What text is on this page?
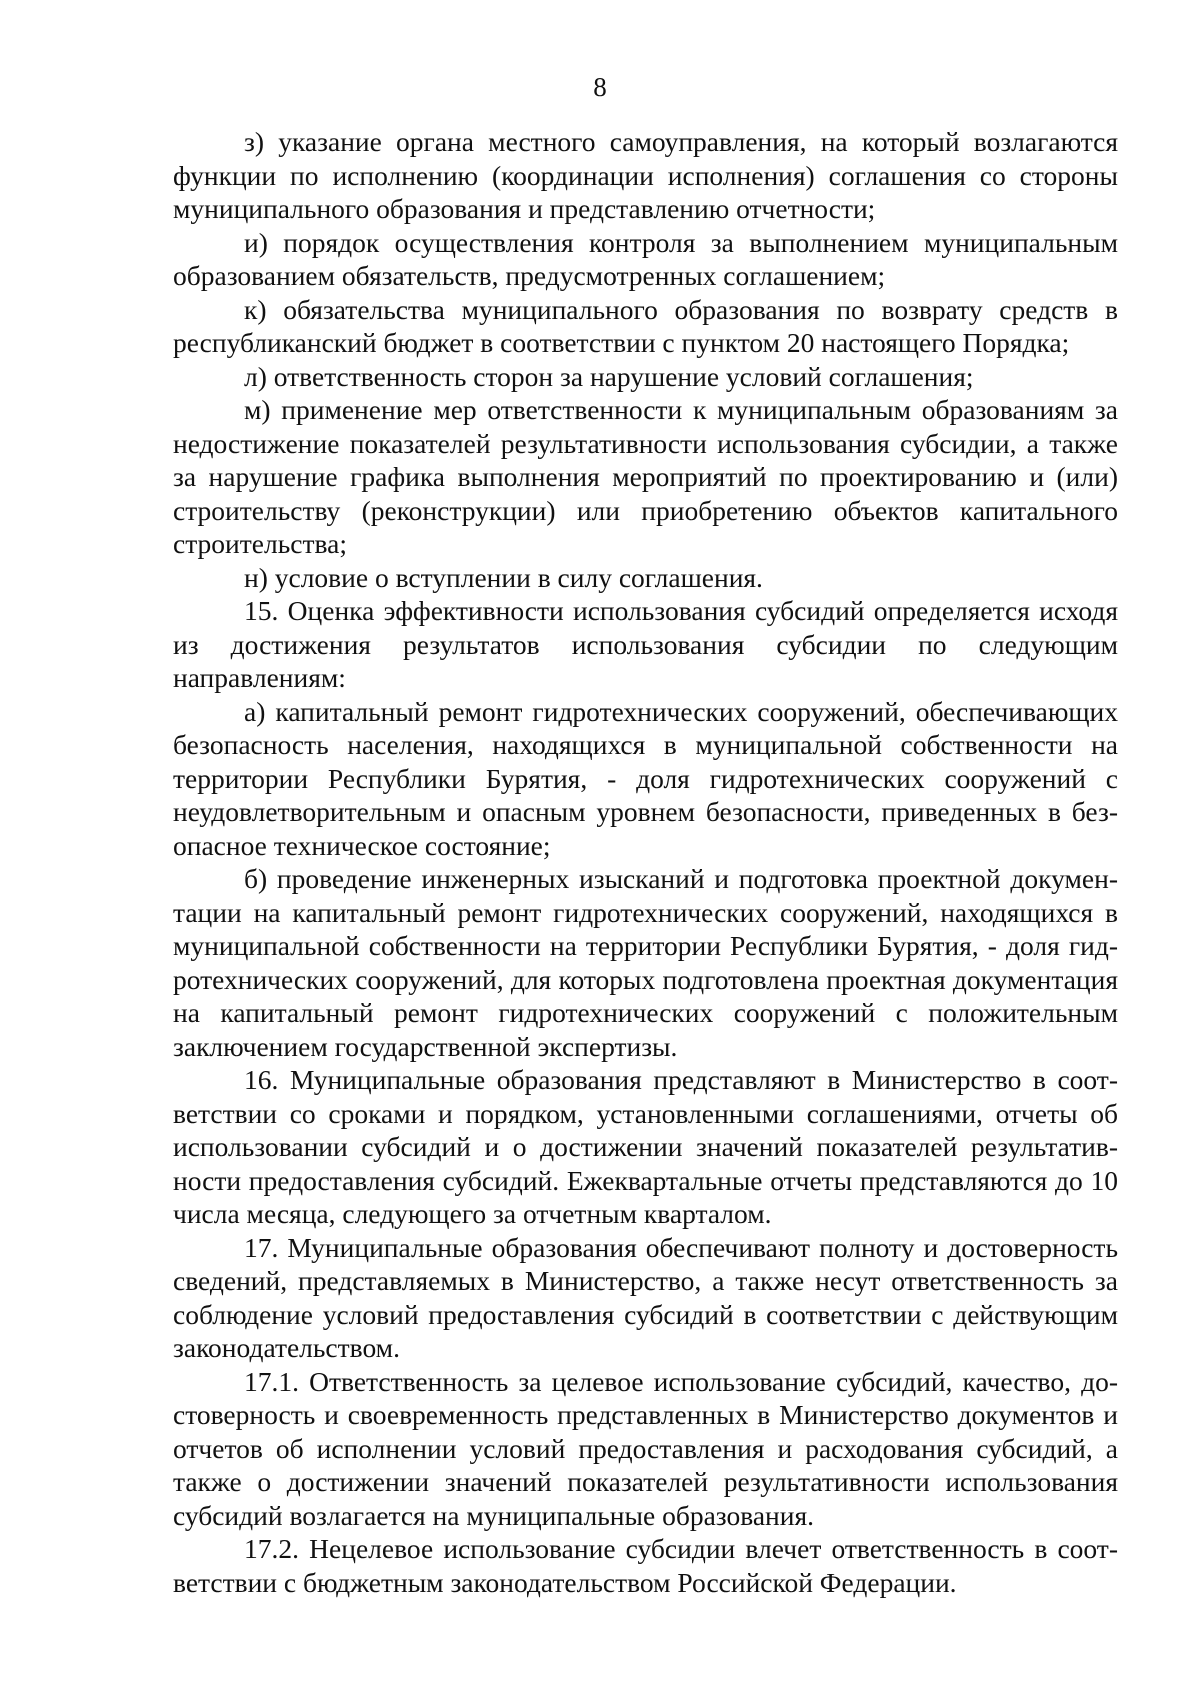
8

з) указание органа местного самоуправления, на который возлагаются функции по исполнению (координации исполнения) соглашения со стороны муниципального образования и представлению отчетности;

и) порядок осуществления контроля за выполнением муниципальным образованием обязательств, предусмотренных соглашением;

к) обязательства муниципального образования по возврату средств в республиканский бюджет в соответствии с пунктом 20 настоящего Порядка;

л) ответственность сторон за нарушение условий соглашения;

м) применение мер ответственности к муниципальным образованиям за недостижение показателей результативности использования субсидии, а также за нарушение графика выполнения мероприятий по проектированию и (или) строительству (реконструкции) или приобретению объектов капитального строительства;

н) условие о вступлении в силу соглашения.

15. Оценка эффективности использования субсидий определяется исходя из достижения результатов использования субсидии по следующим направлениям:

а) капитальный ремонт гидротехнических сооружений, обеспечивающих безопасность населения, находящихся в муниципальной собственности на территории Республики Бурятия, - доля гидротехнических сооружений с неудовлетворительным и опасным уровнем безопасности, приведенных в безопасное техническое состояние;

б) проведение инженерных изысканий и подготовка проектной документации на капитальный ремонт гидротехнических сооружений, находящихся в муниципальной собственности на территории Республики Бурятия, - доля гидротехнических сооружений, для которых подготовлена проектная документация на капитальный ремонт гидротехнических сооружений с положительным заключением государственной экспертизы.

16. Муниципальные образования представляют в Министерство в соответствии со сроками и порядком, установленными соглашениями, отчеты об использовании субсидий и о достижении значений показателей результативности предоставления субсидий. Ежеквартальные отчеты представляются до 10 числа месяца, следующего за отчетным кварталом.

17. Муниципальные образования обеспечивают полноту и достоверность сведений, представляемых в Министерство, а также несут ответственность за соблюдение условий предоставления субсидий в соответствии с действующим законодательством.

17.1. Ответственность за целевое использование субсидий, качество, достоверность и своевременность представленных в Министерство документов и отчетов об исполнении условий предоставления и расходования субсидий, а также о достижении значений показателей результативности использования субсидий возлагается на муниципальные образования.

17.2. Нецелевое использование субсидии влечет ответственность в соответствии с бюджетным законодательством Российской Федерации.
